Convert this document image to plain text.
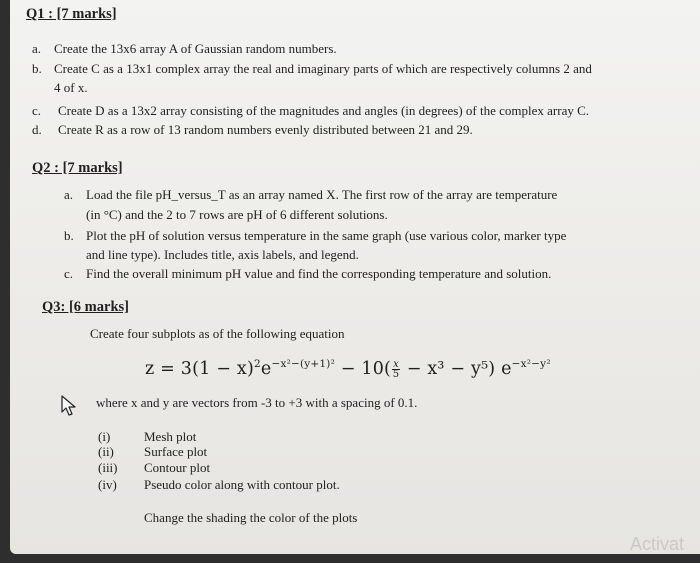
Q1 : [7 marks]
a. Create the 13x6 array A of Gaussian random numbers.
b. Create C as a 13x1 complex array the real and imaginary parts of which are respectively columns 2 and
4 of x.
c. Create D as a 13x2 array consisting of the magnitudes and angles (in degrees) of the complex array C.
d. Create R as a row of 13 random numbers evenly distributed between 21 and 29.
Q2 : [7 marks]
a. Load the file pH_versus_T as an array named X. The first row of the array are temperature
(in °C) and the 2 to 7 rows are pH of 6 different solutions.
b. Plot the pH of solution versus temperature in the same graph (use various color, marker type
and line type). Includes title, axis labels, and legend.
c. Find the overall minimum pH value and find the corresponding temperature and solution.
Q3: [6 marks]
Create four subplots as of the following equation
$z = 3(1 - x)^2e^{-x^2-(y+1)^2} - 10( \frac{x}{5} - x^3 - y^5)$ $e^{-x^2-y^2}$
where x and y are vectors from -3 to +3 with a spacing of 0.1.
(i)	Mesh plot
(ii) Surface plot
(iii) Contour plot
(iv) Pseudo color along with contour plot.
Change the shading the color of the plots
Activat
